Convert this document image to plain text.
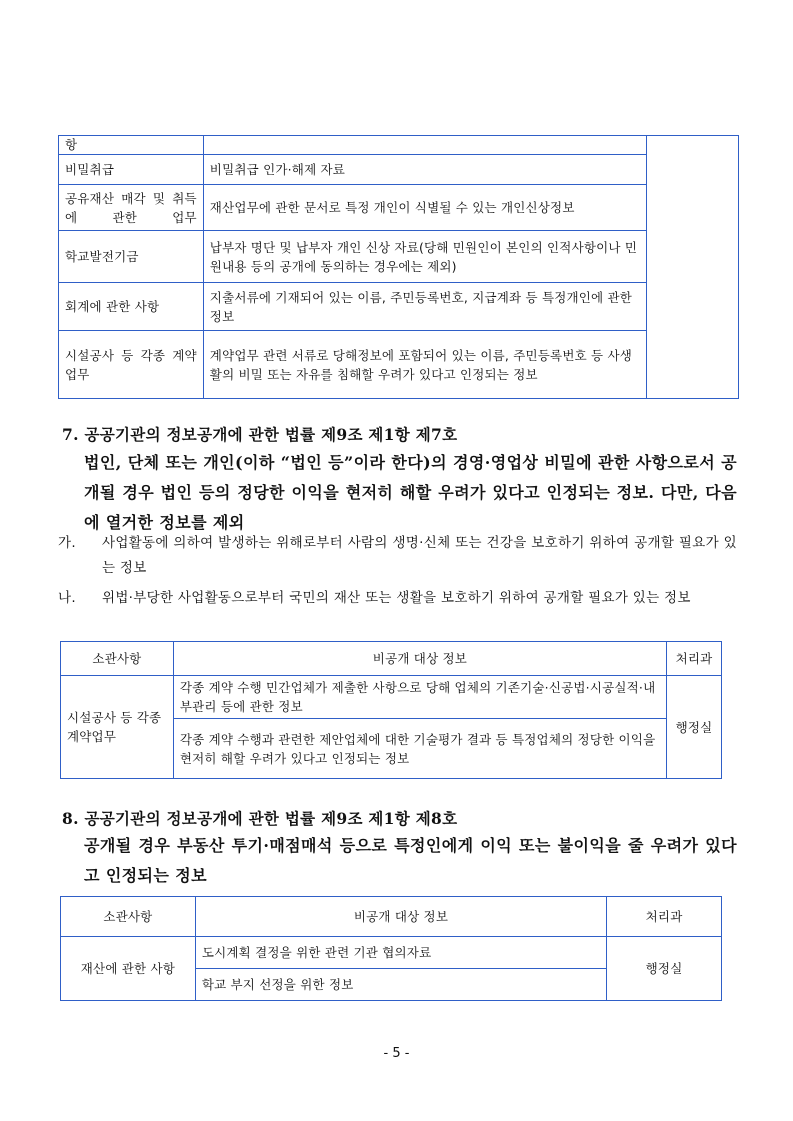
항		
비밀취급	비밀취급 인가·해제 자료	
공유재산 매각 및 취득에 관한 업무	재산업무에 관한 문서로 특정 개인이 식별될 수 있는 개인신상정보	
학교발전기금	납부자 명단 및 납부자 개인 신상 자료(당해 민원인이 본인의 인적사항이나 민원내용 등의 공개에 동의하는 경우에는 제외)	
회계에 관한 사항	지출서류에 기재되어 있는 이름, 주민등록번호, 지급계좌 등 특정개인에 관한 정보	
시설공사 등 각종 계약업무	계약업무 관련 서류로 당해정보에 포함되어 있는 이름, 주민등록번호 등 사생활의 비밀 또는 자유를 침해할 우려가 있다고 인정되는 정보	
7. 공공기관의 정보공개에 관한 법률 제9조 제1항 제7호
법인, 단체 또는 개인(이하 “법인 등”이라 한다)의 경영·영업상 비밀에 관한 사항으로서 공개될 경우 법인 등의 정당한 이익을 현저히 해할 우려가 있다고 인정되는 정보. 다만, 다음에 열거한 정보를 제외

가. 사업활동에 의하여 발생하는 위해로부터 사람의 생명·신체 또는 건강을 보호하기 위하여 공개할 필요가 있는 정보

나. 위법·부당한 사업활동으로부터 국민의 재산 또는 생활을 보호하기 위하여 공개할 필요가 있는 정보

소관사항	비공개 대상 정보	처리과
시설공사 등 각종 계약업무	각종 계약 수행 민간업체가 제출한 사항으로 당해 업체의 기존기술·신공법·시공실적·내부관리 등에 관한 정보	행정실
	각종 계약 수행과 관련한 제안업체에 대한 기술평가 결과 등 특정업체의 정당한 이익을 현저히 해할 우려가 있다고 인정되는 정보	
8. 공공기관의 정보공개에 관한 법률 제9조 제1항 제8호
공개될 경우 부동산 투기·매점매석 등으로 특정인에게 이익 또는 불이익을 줄 우려가 있다고 인정되는 정보
소관사항	비공개 대상 정보	처리과
재산에 관한 사항	도시계획 결정을 위한 관련 기관 협의자료	행정실
	학교 부지 선정을 위한 정보	
- 5 -
